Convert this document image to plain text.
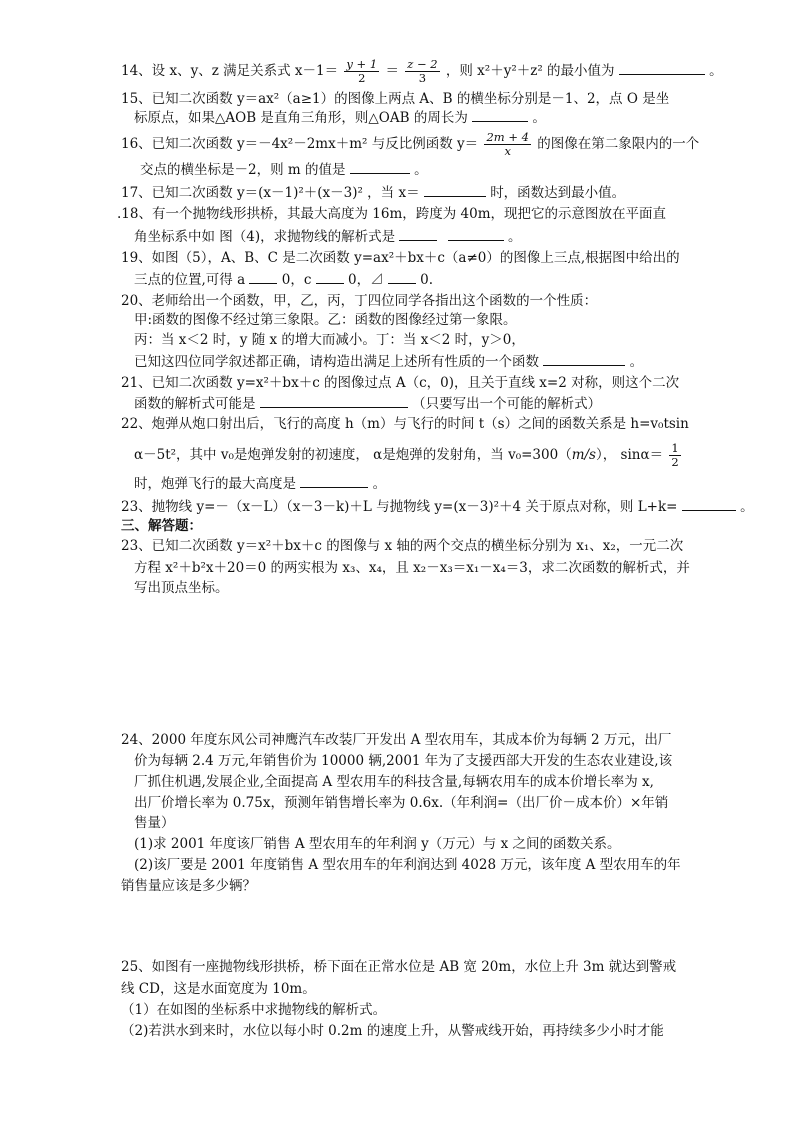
14、设 x、y、z 满足关系式 $x-1= \frac{y + 1}{2} = \frac{z - 2}{3}$ ，则 x²＋y²＋z² 的最小值为	。
15、已知二次函数 y＝ax²（a≥1）的图像上两点 A、B 的横坐标分别是－1、2，点 O 是坐
标原点，如果△AOB 是直角三角形，则△OAB 的周长为	。
16、已知二次函数 y＝－4x²－2mx＋m² 与反比例函数 $y= \frac{2m + 4}{x}$ 的图像在第二象限内的一个
交点的横坐标是－2，则 m 的值是	。
17、已知二次函数 y＝(x－1)²＋(x－3)² ，当 x＝	时，函数达到最小值。
.18、有一个抛物线形拱桥，其最大高度为 16m，跨度为 40m，现把它的示意图放在平面直
角坐标系中如 图（4)，求抛物线的解析式是	。
19、如图（5），A、B、C 是二次函数 y=ax²＋bx＋c（a≠0）的图像上三点,根据图中给出的
三点的位置,可得 a	0，c	0，⊿	0.
20、老师给出一个函数，甲，乙，丙，丁四位同学各指出这个函数的一个性质：
甲:函数的图像不经过第三象限。乙：函数的图像经过第一象限。
丙：当 x＜2 时，y 随 x 的增大而减小。丁：当 x＜2 时，y＞0，
已知这四位同学叙述都正确，请构造出满足上述所有性质的一个函数	。
21、已知二次函数 y=x²＋bx＋c 的图像过点 A（c，0)，且关于直线 x=2 对称，则这个二次
函数的解析式可能是	（只要写出一个可能的解析式）
22、炮弹从炮口射出后，飞行的高度 h（m）与飞行的时间 t（s）之间的函数关系是 h=v₀tsin
α－5t²，其中 v₀是炮弹发射的初速度， α是炮弹的发射角，当 v₀=300（m/s）， $\sin\alpha= \frac{1}{2}$
时，炮弹飞行的最大高度是	。
23、抛物线 y=－（x－L）（x－3－k)＋L 与抛物线 y=(x－3)²＋4 关于原点对称，则 L+k=	。
三、解答题：
23、已知二次函数 y＝x²＋bx＋c 的图像与 x 轴的两个交点的横坐标分别为 x₁、x₂，一元二次
方程 x²＋b²x＋20＝0 的两实根为 x₃、x₄，且 x₂－x₃＝x₁－x₄＝3，求二次函数的解析式，并
写出顶点坐标。
24、2000 年度东风公司神鹰汽车改装厂开发出 A 型农用车，其成本价为每辆 2 万元，出厂
价为每辆 2.4 万元,年销售价为 10000 辆,2001 年为了支援西部大开发的生态农业建设,该
厂抓住机遇,发展企业,全面提高 A 型农用车的科技含量,每辆农用车的成本价增长率为 x,
出厂价增长率为 0.75x，预测年销售增长率为 0.6x.（年利润=（出厂价－成本价）×年销
售量）
(1)求 2001 年度该厂销售 A 型农用车的年利润 y（万元）与 x 之间的函数关系。
(2)该厂要是 2001 年度销售 A 型农用车的年利润达到 4028 万元，该年度 A 型农用车的年
销售量应该是多少辆？
25、如图有一座抛物线形拱桥，桥下面在正常水位是 AB 宽 20m，水位上升 3m 就达到警戒
线 CD，这是水面宽度为 10m。
（1）在如图的坐标系中求抛物线的解析式。
（2)若洪水到来时，水位以每小时 0.2m 的速度上升，从警戒线开始，再持续多少小时才能
